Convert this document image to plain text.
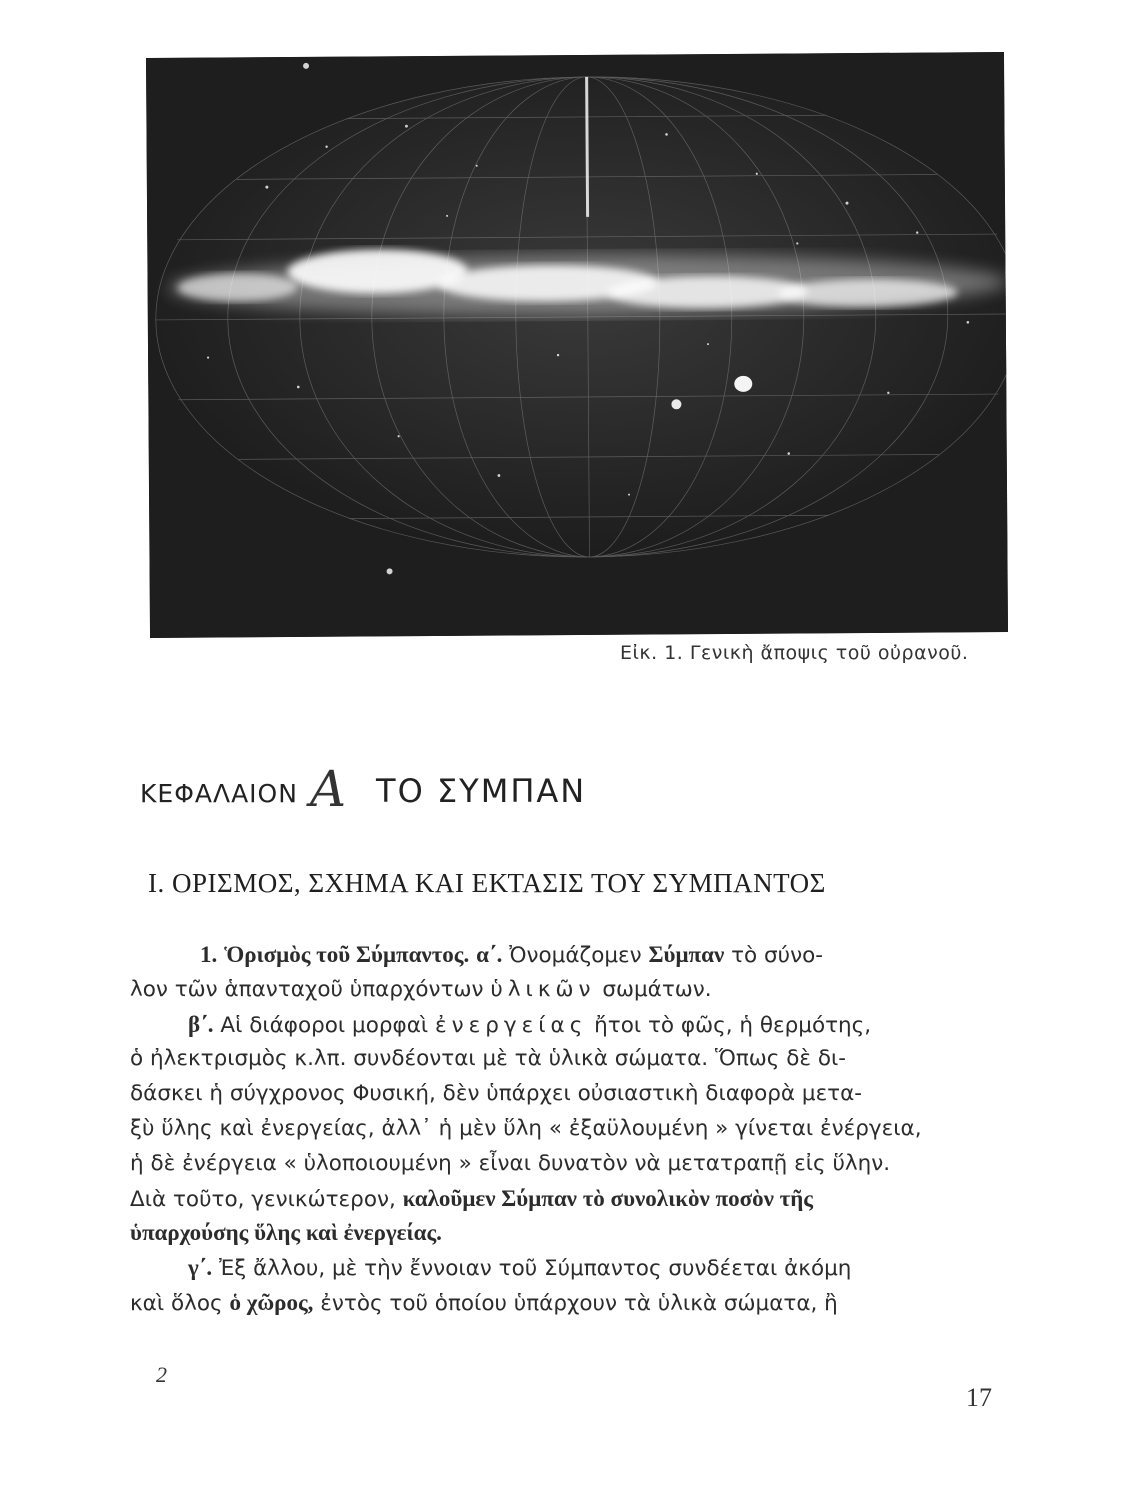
Εἰκ. 1. Γενικὴ ἄποψις τοῦ οὐρανοῦ.
ΚΕΦΑΛΑΙΟΝ Α ΤΟ ΣΥΜΠΑΝ
Ι. ΟΡΙΣΜΟΣ, ΣΧΗΜΑ ΚΑΙ ΕΚΤΑΣΙΣ ΤΟΥ ΣΥΜΠΑΝΤΟΣ
1. Ὁρισμὸς τοῦ Σύμπαντος. α΄. Ὀνομάζομεν Σύμπαν τὸ σύνο-
λον τῶν ἁπανταχοῦ ὑπαρχόντων ὑλικῶν σωμάτων.
β΄. Αἱ διάφοροι μορφαὶ ἐνεργείας ἤτοι τὸ φῶς, ἡ θερμότης,
ὁ ἠλεκτρισμὸς κ.λπ. συνδέονται μὲ τὰ ὑλικὰ σώματα. Ὅπως δὲ δι-
δάσκει ἡ σύγχρονος Φυσική, δὲν ὑπάρχει οὐσιαστικὴ διαφορὰ μετα-
ξὺ ὕλης καὶ ἐνεργείας, ἀλλ᾽ ἡ μὲν ὕλη « ἐξαϋλουμένη » γίνεται ἐνέργεια,
ἡ δὲ ἐνέργεια « ὑλοποιουμένη » εἶναι δυνατὸν νὰ μετατραπῇ εἰς ὕλην.
Διὰ τοῦτο, γενικώτερον, καλοῦμεν Σύμπαν τὸ συνολικὸν ποσὸν τῆς
ὑπαρχούσης ὕλης καὶ ἐνεργείας.
γ΄. Ἐξ ἄλλου, μὲ τὴν ἔννοιαν τοῦ Σύμπαντος συνδέεται ἀκόμη
καὶ ὅλος ὁ χῶρος, ἐντὸς τοῦ ὁποίου ὑπάρχουν τὰ ὑλικὰ σώματα, ἢ
2
17
